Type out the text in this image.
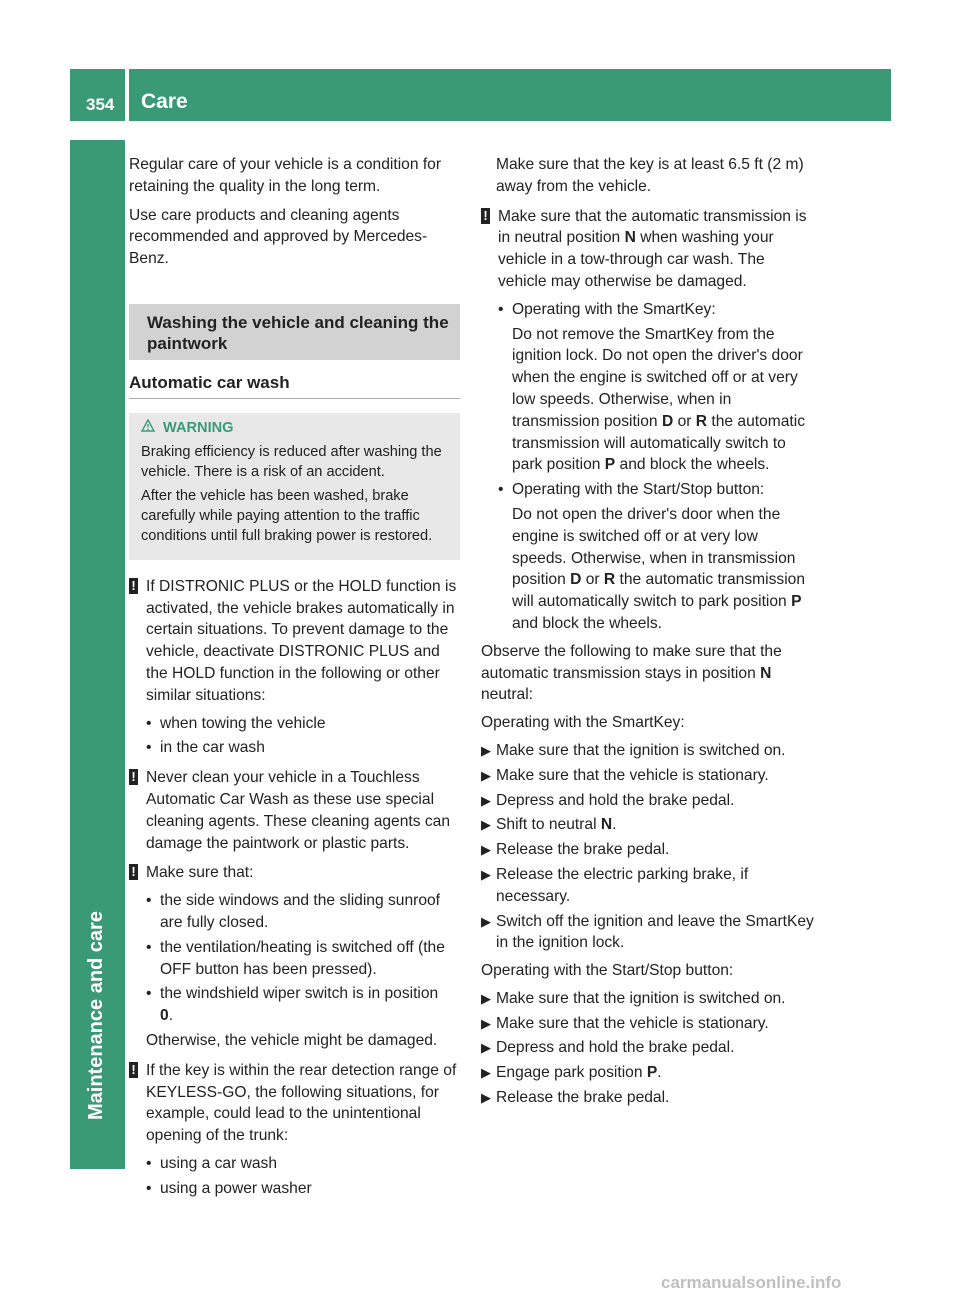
354 Care
Maintenance and care

Regular care of your vehicle is a condition for retaining the quality in the long term.

Use care products and cleaning agents recommended and approved by Mercedes-Benz.

Washing the vehicle and cleaning the paintwork
Automatic car wash
WARNING

Braking efficiency is reduced after washing the vehicle. There is a risk of an accident.

After the vehicle has been washed, brake carefully while paying attention to the traffic conditions until full braking power is restored.

! If DISTRONIC PLUS or the HOLD function is activated, the vehicle brakes automatically in certain situations. To prevent damage to the vehicle, deactivate DISTRONIC PLUS and the HOLD function in the following or other similar situations:
• when towing the vehicle
• in the car wash
! Never clean your vehicle in a Touchless Automatic Car Wash as these use special cleaning agents. These cleaning agents can damage the paintwork or plastic parts.
! Make sure that:
• the side windows and the sliding sunroof are fully closed.
• the ventilation/heating is switched off (the OFF button has been pressed).
• the windshield wiper switch is in position
0.
Otherwise, the vehicle might be damaged.
! If the key is within the rear detection range of KEYLESS-GO, the following situations, for example, could lead to the unintentional opening of the trunk:
• using a car wash
• using a power washer
Make sure that the key is at least 6.5 ft (2 m) away from the vehicle.
! Make sure that the automatic transmission is in neutral position N when washing your vehicle in a tow-through car wash. The vehicle may otherwise be damaged.
• Operating with the SmartKey:
Do not remove the SmartKey from the ignition lock. Do not open the driver's door when the engine is switched off or at very low speeds. Otherwise, when in transmission position D or R the automatic transmission will automatically switch to park position P and block the wheels.
• Operating with the Start/Stop button:
Do not open the driver's door when the engine is switched off or at very low speeds. Otherwise, when in transmission position D or R the automatic transmission will automatically switch to park position P and block the wheels.
Observe the following to make sure that the automatic transmission stays in position N neutral:
Operating with the SmartKey:
▶ Make sure that the ignition is switched on.
▶ Make sure that the vehicle is stationary.
▶ Depress and hold the brake pedal.
▶ Shift to neutral N.
▶ Release the brake pedal.
▶ Release the electric parking brake, if necessary.
▶ Switch off the ignition and leave the SmartKey in the ignition lock.
Operating with the Start/Stop button:
▶ Make sure that the ignition is switched on.
▶ Make sure that the vehicle is stationary.
▶ Depress and hold the brake pedal.
▶ Engage park position P.
▶ Release the brake pedal.
carmanualsonline.info
